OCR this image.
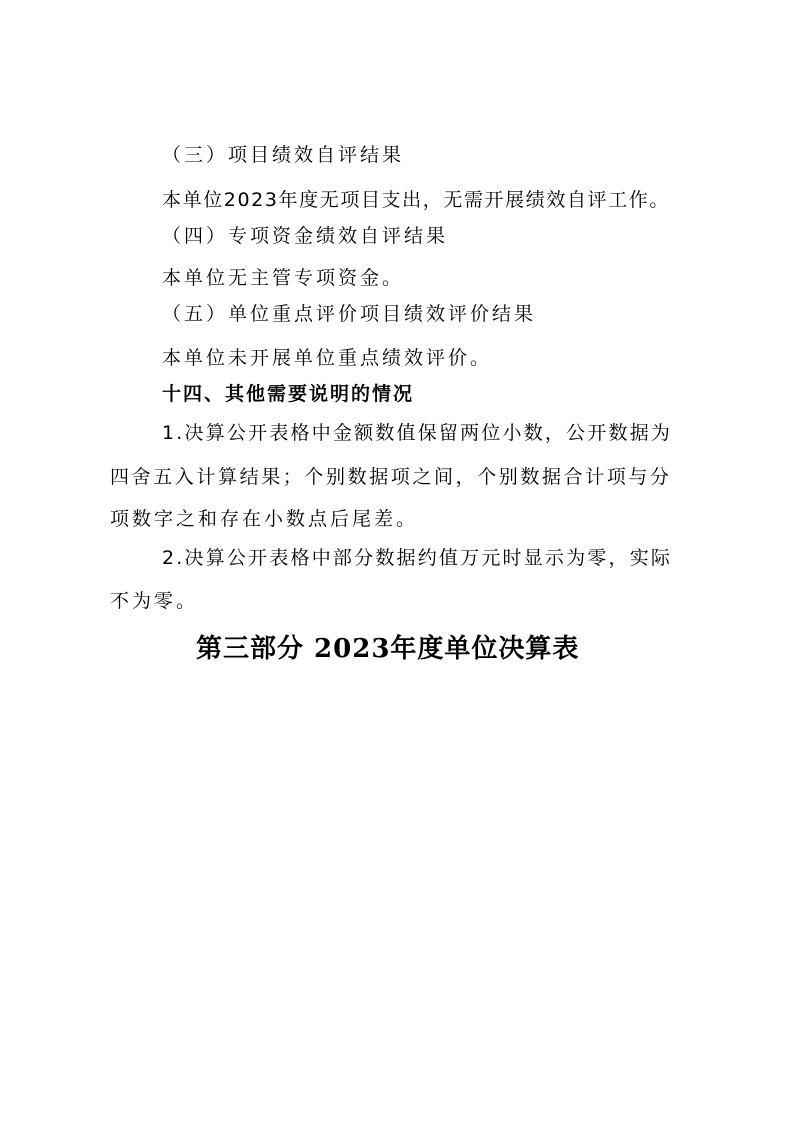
（三）项目绩效自评结果
本单位2023年度无项目支出，无需开展绩效自评工作。
（四）专项资金绩效自评结果
本单位无主管专项资金。
（五）单位重点评价项目绩效评价结果
本单位未开展单位重点绩效评价。
十四、其他需要说明的情况
1.决算公开表格中金额数值保留两位小数，公开数据为
四舍五入计算结果；个别数据项之间，个别数据合计项与分
项数字之和存在小数点后尾差。
2.决算公开表格中部分数据约值万元时显示为零，实际
不为零。
第三部分 2023年度单位决算表
